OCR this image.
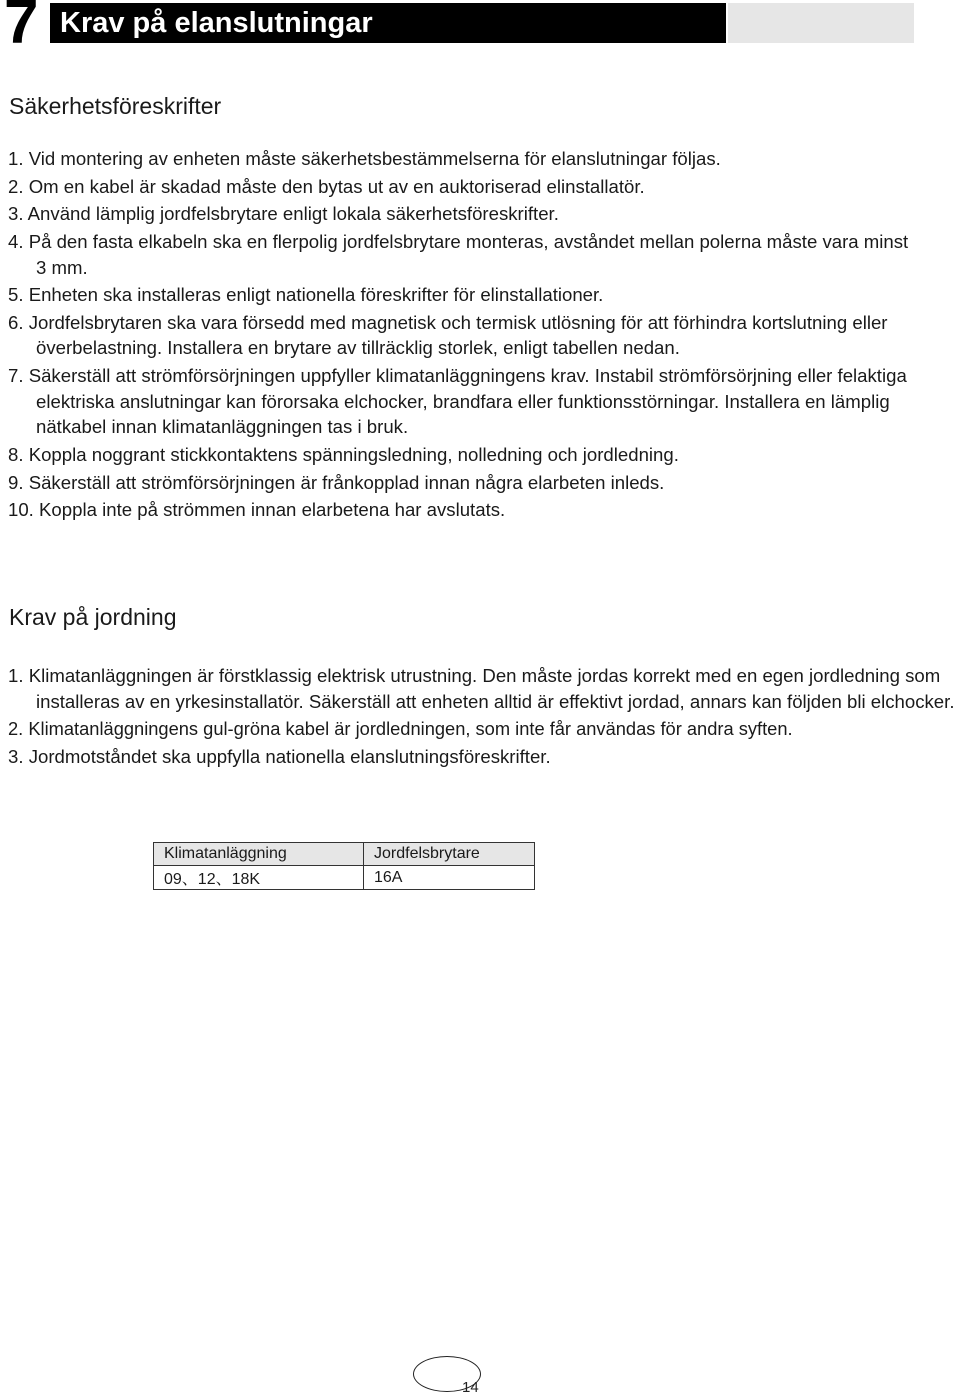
7 Krav på elanslutningar
Säkerhetsföreskrifter
1. Vid montering av enheten måste säkerhetsbestämmelserna för elanslutningar följas.
2. Om en kabel är skadad måste den bytas ut av en auktoriserad elinstallatör.
3. Använd lämplig jordfelsbrytare enligt lokala säkerhetsföreskrifter.
4. På den fasta elkabeln ska en flerpolig jordfelsbrytare monteras, avståndet mellan polerna måste vara minst 3 mm.
5. Enheten ska installeras enligt nationella föreskrifter för elinstallationer.
6. Jordfelsbrytaren ska vara försedd med magnetisk och termisk utlösning för att förhindra kortslutning eller överbelastning. Installera en brytare av tillräcklig storlek, enligt tabellen nedan.
7. Säkerställ att strömförsörjningen uppfyller klimatanläggningens krav. Instabil strömförsörjning eller felaktiga elektriska anslutningar kan förorsaka elchocker, brandfara eller funktionsstörningar. Installera en lämplig nätkabel innan klimatanläggningen tas i bruk.
8. Koppla noggrant stickkontaktens spänningsledning, nolledning och jordledning.
9. Säkerställ att strömförsörjningen är frånkopplad innan några elarbeten inleds.
10. Koppla inte på strömmen innan elarbetena har avslutats.
Krav på jordning
1. Klimatanläggningen är förstklassig elektrisk utrustning. Den måste jordas korrekt med en egen jordledning som installeras av en yrkesinstallatör. Säkerställ att enheten alltid är effektivt jordad, annars kan följden bli elchocker.
2. Klimatanläggningens gul-gröna kabel är jordledningen, som inte får användas för andra syften.
3. Jordmotståndet ska uppfylla nationella elanslutningsföreskrifter.
Klimatanläggning	Jordfelsbrytare
09、12、18K	16A
14
